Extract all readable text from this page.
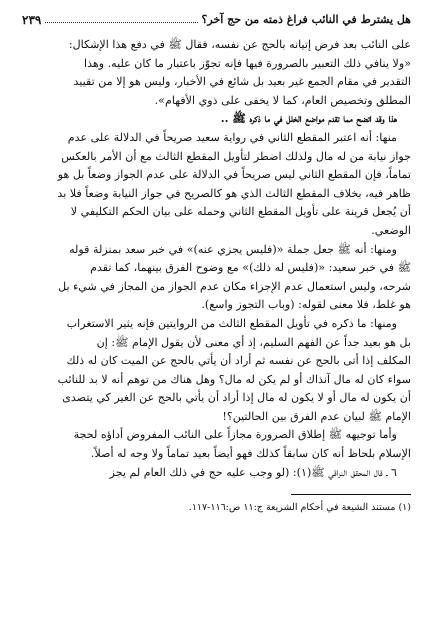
هل يشترط في النائب فراغ ذمته من حج آخر؟
٢٣٩
على النائب بعد فرض إتيانه بالحج عن نفسه، فقال ﷺ في دفع هذا الإشكال:
«ولا ينافي ذلك التعبير بالصرورة فيها فإنه تجوّز باعتبار ما كان عليه. وهذا
التقدير في مقام الجمع غير بعيد بل شائع في الأخبار، وليس هو إلا من تقييد
المطلق وتخصيص العام، كما لا يخفى على ذوي الأفهام».
هذا وقد اتضح مما تقدم مواضع الخلل في ما ذكره ﷺ ..
منها: أنه اعتبر المقطع الثاني في رواية سعيد صريحاً في الدلالة على عدم
جواز نيابة من له مال ولذلك اضطر لتأويل المقطع الثالث مع أن الأمر بالعكس
تماماً، فإن المقطع الثاني ليس صريحاً في الدلالة على عدم الجواز وضعاً بل هو
ظاهر فيه، بخلاف المقطع الثالث الذي هو كالصريح في جواز النيابة وضعاً فلا بد
أن يُجعل قرينة على تأويل المقطع الثاني وحمله على بيان الحكم التكليفي لا
الوضعي.
ومنها: أنه ﷺ جعل جملة «(فليس يجزي عنه)» في خبر سعد بمنزلة قوله
ﷺ في خبر سعيد: «(فليس له ذلك)» مع وضوح الفرق بينهما، كما تقدم
شرحه، وليس استعمال عدم الإجزاء مكان عدم الجواز من المجاز في شيء بل
هو غلط، فلا معنى لقوله: (وباب التجوز واسع).
ومنها: ما ذكره في تأويل المقطع الثالث من الروايتين فإنه يثير الاستغراب
بل هو بعيد جداً عن الفهم السليم، إذ أي معنى لأن يقول الإمام ﷺ: إن
المكلف إذا أتى بالحج عن نفسه ثم أراد أن يأتي بالحج عن الميت كان له ذلك
سواء كان له مال آنذاك أو لم يكن له مال؟ وهل هناك من توهم أنه لا بد للنائب
أن يكون له مال أو لا يكون له مال إذا أراد أن يأتي بالحج عن الغير كي يتصدى
الإمام ﷺ لبيان عدم الفرق بين الحالتين؟!
وأما توجيهه ﷺ إطلاق الصرورة مجازاً على النائب المفروض أداؤه لحجة
الإسلام بلحاظ أنه كان سابقاً كذلك فهو أيضاً بعيد تماماً ولا وجه له أصلاً.
٦ ـ قال المحقق النراقي ﷺ(١): (لو وجب عليه حج في ذلك العام لم يجز
(١) مستند الشيعة في أحكام الشريعة ج:١١ ص:١١٦-١١٧.
